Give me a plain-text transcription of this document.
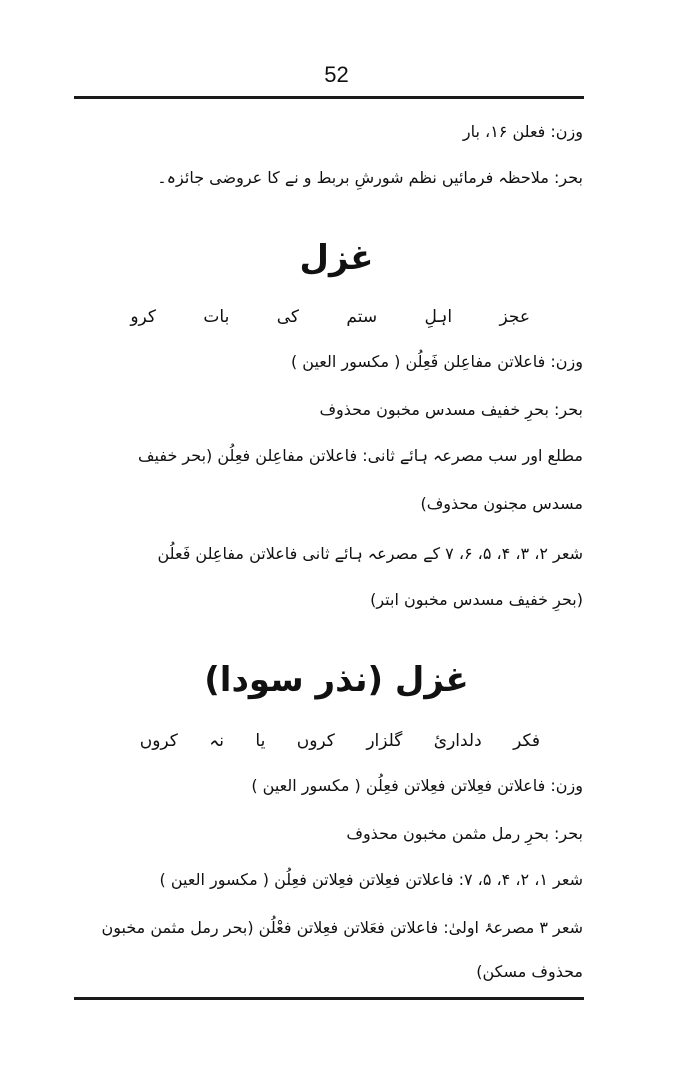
52
وزن: فعلن ۱۶، بار
بحر: ملاحظہ فرمائیں نظم شورشِ بربط و نے کا عروضی جائزہ۔
غزل
عجز اہلِ ستم کی بات کرو
وزن: فاعلاتن مفاعِلن فَعِلُن ( مکسور العین )
بحر: بحرِ خفیف مسدس مخبون محذوف
مطلع اور سب مصرعہ ہائے ثانی: فاعلاتن مفاعِلن فعِلُن (بحر خفیف
مسدس مجنون محذوف)
شعر ۲، ۳، ۴، ۵، ۶، ۷ کے مصرعہ ہائے ثانی فاعلاتن مفاعِلن فَعلُن
(بحرِ خفیف مسدس مخبون ابتر)
غزل (نذر سودا)
فکر دلداریٔ گلزار کروں یا نہ کروں
وزن: فاعلاتن فعِلاتن فعِلاتن فعِلُن ( مکسور العین )
بحر: بحرِ رمل مثمن مخبون محذوف
شعر ۱، ۲، ۴، ۵، ۷: فاعلاتن فعِلاتن فعِلاتن فعِلُن ( مکسور العین )
شعر ۳ مصرعۂ اولیٰ: فاعلاتن فعَلاتن فعِلاتن فعْلُن (بحر رمل مثمن مخبون
محذوف مسکن)
